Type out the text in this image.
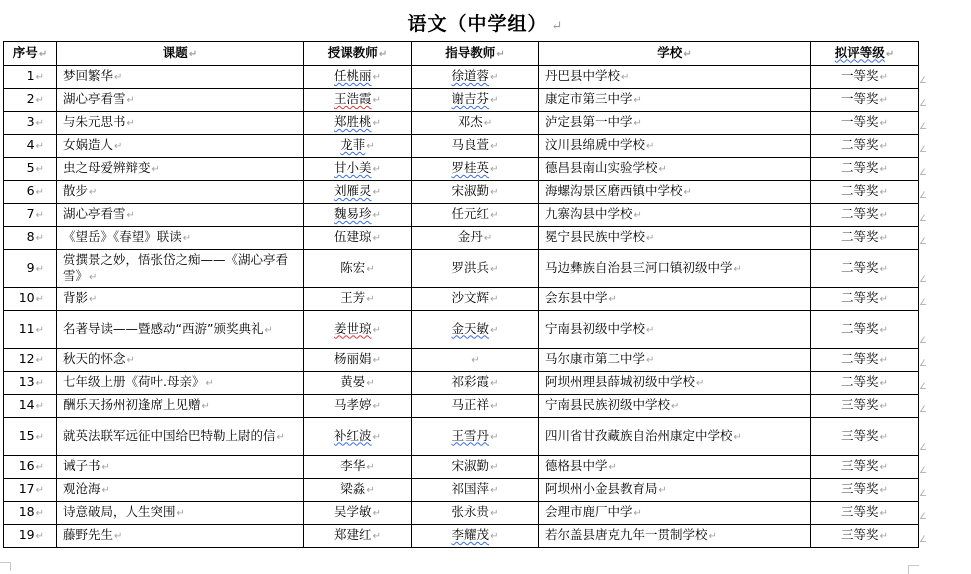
语文（中学组） ↵
序号↵	课题↵	授课教师↵	指导教师↵	学校↵	拟评等级↵
1↵	梦回繁华↵	任桃丽↵	徐道蓉↵	丹巴县中学校↵	一等奖↵
2↵	湖心亭看雪↵	王浩霞↵	谢吉芬↵	康定市第三中学↵	一等奖↵
3↵	与朱元思书↵	郑胜桃↵	邓杰↵	泸定县第一中学↵	一等奖↵
4↵	女娲造人↵	龙菲↵	马良萱↵	汶川县绵虒中学校↵	二等奖↵
5↵	虫之母爱辨辩变↵	甘小美↵	罗桂英↵	德昌县南山实验学校↵	二等奖↵
6↵	散步↵	刘雁灵↵	宋淑勤↵	海螺沟景区磨西镇中学校↵	二等奖↵
7↵	湖心亭看雪↵	魏易珍↵	任元红↵	九寨沟县中学校↵	二等奖↵
8↵	《望岳》《春望》联读↵	伍建琼↵	金丹↵	冕宁县民族中学校↵	二等奖↵
9↵	赏撰景之妙，悟张岱之痴——《湖心亭看雪》↵	陈宏↵	罗洪兵↵	马边彝族自治县三河口镇初级中学↵	二等奖↵
10↵	背影↵	王芳↵	沙文辉↵	会东县中学↵	二等奖↵
11↵	名著导读——暨感动“西游”颁奖典礼↵	姜世琼↵	金天敏↵	宁南县初级中学校↵	二等奖↵
12↵	秋天的怀念↵	杨丽娟↵	↵	马尔康市第二中学↵	二等奖↵
13↵	七年级上册《荷叶.母亲》↵	黄晏↵	祁彩霞↵	阿坝州理县薛城初级中学校↵	二等奖↵
14↵	酬乐天扬州初逢席上见赠↵	马孝婷↵	马正祥↵	宁南县民族初级中学校↵	三等奖↵
15↵	就英法联军远征中国给巴特勒上尉的信↵	补红波↵	王雪丹↵	四川省甘孜藏族自治州康定中学校↵	三等奖↵
16↵	诫子书↵	李华↵	宋淑勤↵	德格县中学↵	三等奖↵
17↵	观沧海↵	梁淼↵	祁国萍↵	阿坝州小金县教育局↵	三等奖↵
18↵	诗意破局，人生突围↵	吴学敏↵	张永贵↵	会理市鹿厂中学↵	三等奖↵
19↵	藤野先生↵	郑建红↵	李耀茂↵	若尔盖县唐克九年一贯制学校↵	三等奖↵
∠
∠
∠
∠
∠
∠
∠
∠
∠
∠
∠
∠
∠
∠
∠
∠
∠
∠
∠
